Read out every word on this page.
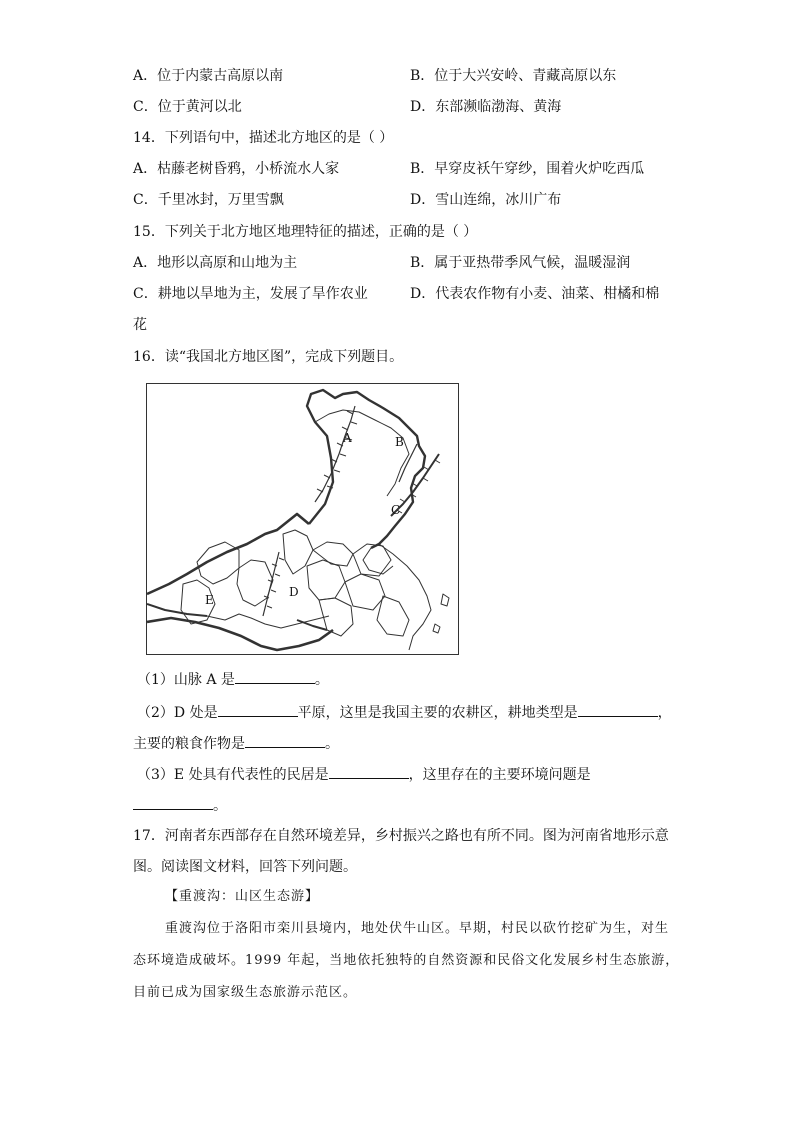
A．位于内蒙古高原以南	B．位于大兴安岭、青藏高原以东
C．位于黄河以北	D．东部濒临渤海、黄海
14．下列语句中，描述北方地区的是（ ）
A．枯藤老树昏鸦，小桥流水人家	B．早穿皮袄午穿纱，围着火炉吃西瓜
C．千里冰封，万里雪飘	D．雪山连绵，冰川广布
15．下列关于北方地区地理特征的描述，正确的是（ ）
A．地形以高原和山地为主	B．属于亚热带季风气候，温暖湿润
C．耕地以旱地为主，发展了旱作农业	D．代表农作物有小麦、油菜、柑橘和棉
花
16．读“我国北方地区图”，完成下列题目。
A	B
C
D
E
（1）山脉 A 是	。
（2）D 处是	平原，这里是我国主要的农耕区，耕地类型是	，
主要的粮食作物是	。
（3）E 处具有代表性的民居是	，这里存在的主要环境问题是
。
17．河南者东西部存在自然环境差异，乡村振兴之路也有所不同。图为河南省地形示意
图。阅读图文材料，回答下列问题。
【重渡沟：山区生态游】
重渡沟位于洛阳市栾川县境内，地处伏牛山区。早期，村民以砍竹挖矿为生，对生
态环境造成破坏。1999 年起，当地依托独特的自然资源和民俗文化发展乡村生态旅游，
目前已成为国家级生态旅游示范区。
